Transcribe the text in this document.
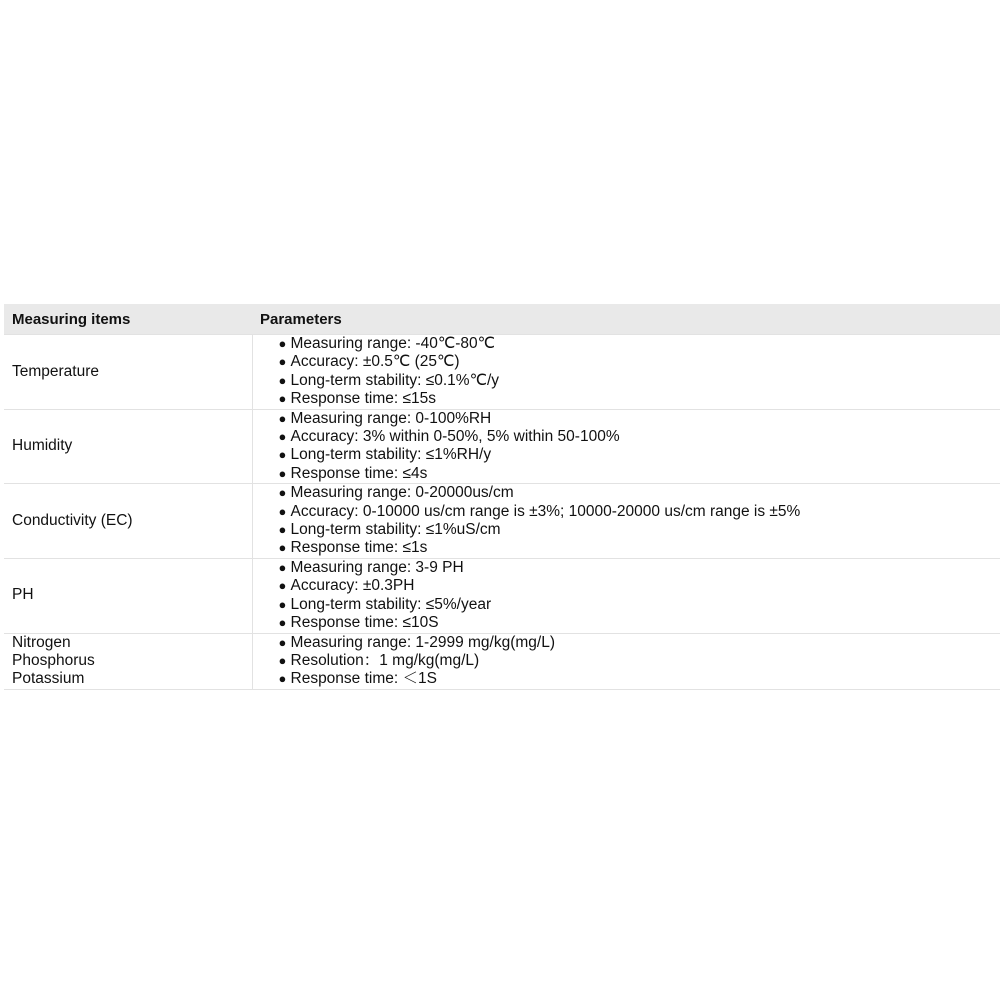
Measuring items	Parameters

Temperature	● Measuring range: -40℃-80℃
● Accuracy: ±0.5℃ (25℃)
● Long-term stability: ≤0.1%℃/y
● Response time: ≤15s

Humidity	● Measuring range: 0-100%RH
● Accuracy: 3% within 0-50%, 5% within 50-100%
● Long-term stability: ≤1%RH/y
● Response time: ≤4s

Conductivity (EC)	● Measuring range: 0-20000us/cm
● Accuracy: 0-10000 us/cm range is ±3%; 10000-20000 us/cm range is ±5%
● Long-term stability: ≤1%uS/cm
● Response time: ≤1s

PH	● Measuring range: 3-9 PH
● Accuracy: ±0.3PH
● Long-term stability: ≤5%/year
● Response time: ≤10S

Nitrogen
Phosphorus
Potassium	● Measuring range: 1-2999 mg/kg(mg/L)
● Resolution：1 mg/kg(mg/L)
● Response time: ＜1S
